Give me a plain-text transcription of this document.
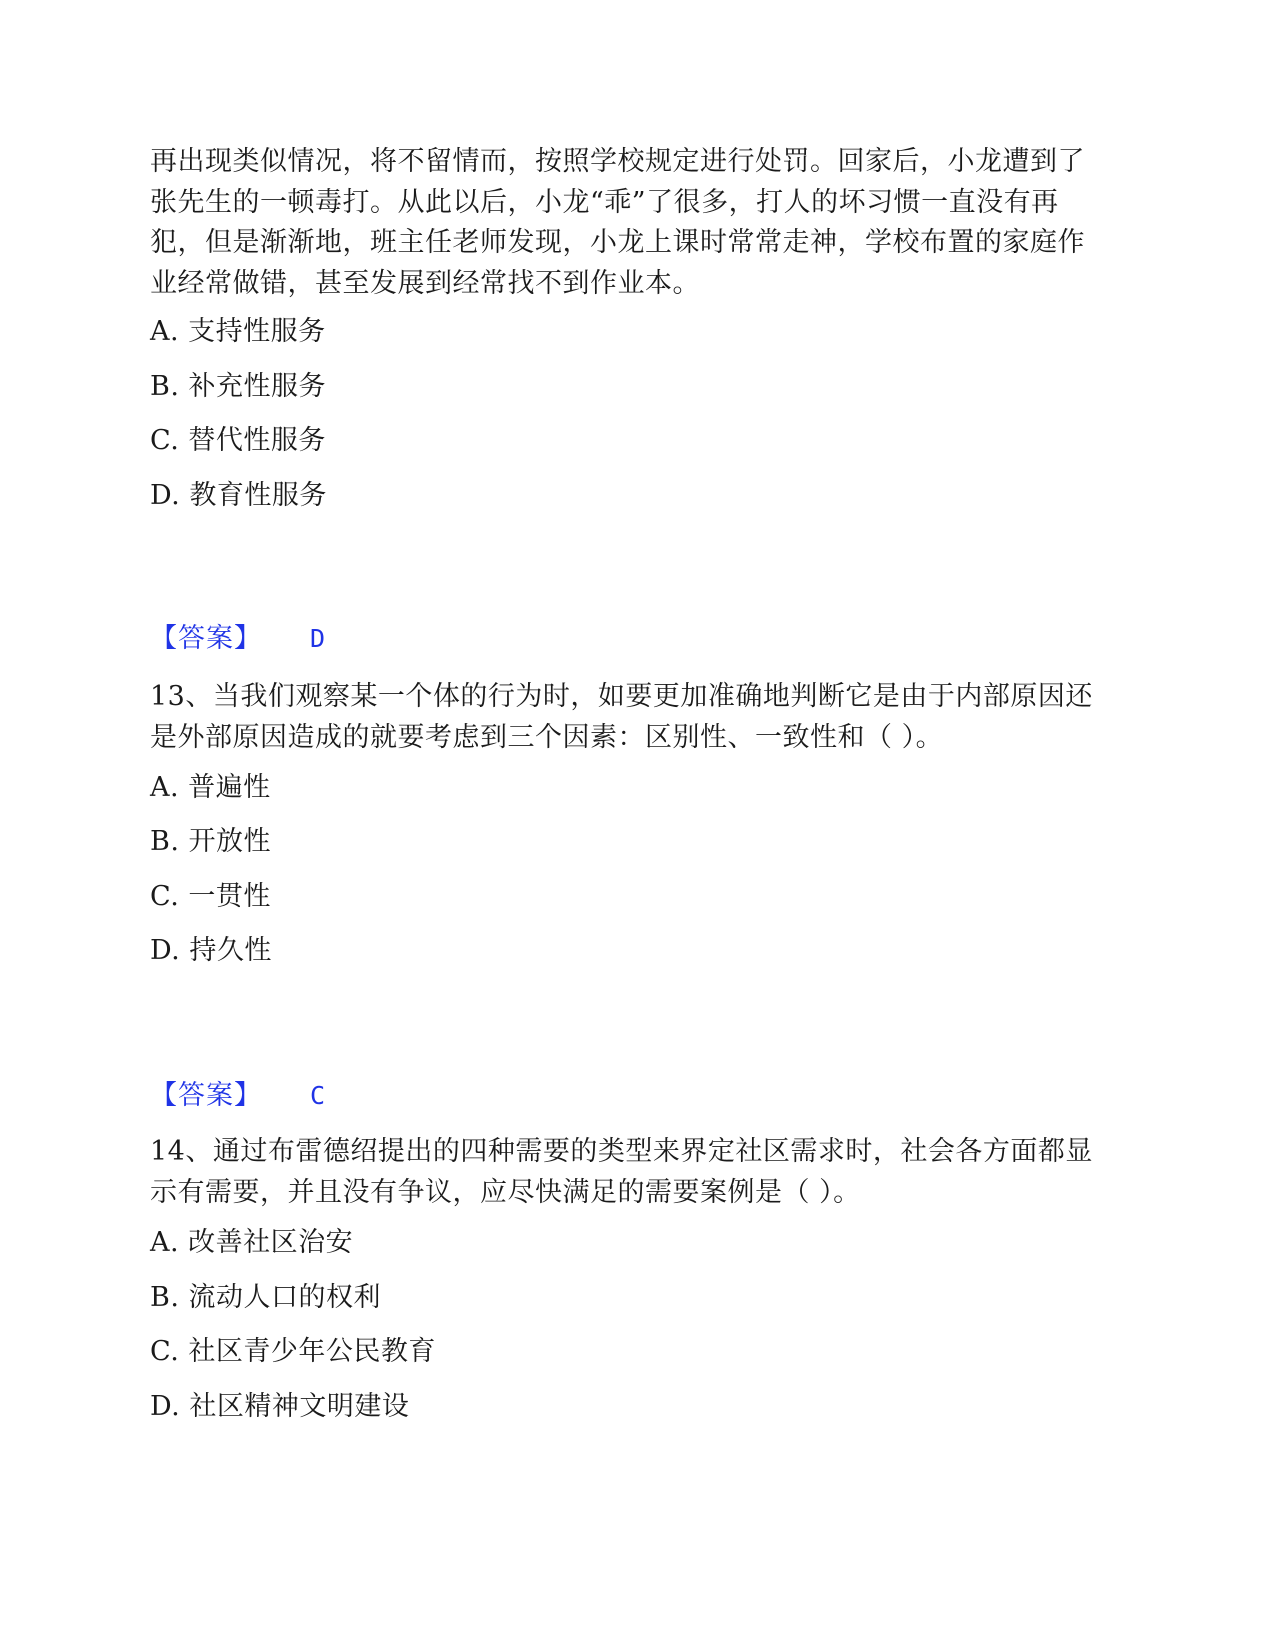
再出现类似情况，将不留情而，按照学校规定进行处罚。回家后，小龙遭到了张先生的一顿毒打。从此以后，小龙“乖”了很多，打人的坏习惯一直没有再犯，但是渐渐地，班主任老师发现，小龙上课时常常走神，学校布置的家庭作业经常做错，甚至发展到经常找不到作业本。
A. 支持性服务
B. 补充性服务
C. 替代性服务
D. 教育性服务
【答案】 D
13、当我们观察某一个体的行为时，如要更加准确地判断它是由于内部原因还是外部原因造成的就要考虑到三个因素：区别性、一致性和（ ）。
A. 普遍性
B. 开放性
C. 一贯性
D. 持久性
【答案】 C
14、通过布雷德绍提出的四种需要的类型来界定社区需求时，社会各方面都显示有需要，并且没有争议，应尽快满足的需要案例是（ ）。
A. 改善社区治安
B. 流动人口的权利
C. 社区青少年公民教育
D. 社区精神文明建设
